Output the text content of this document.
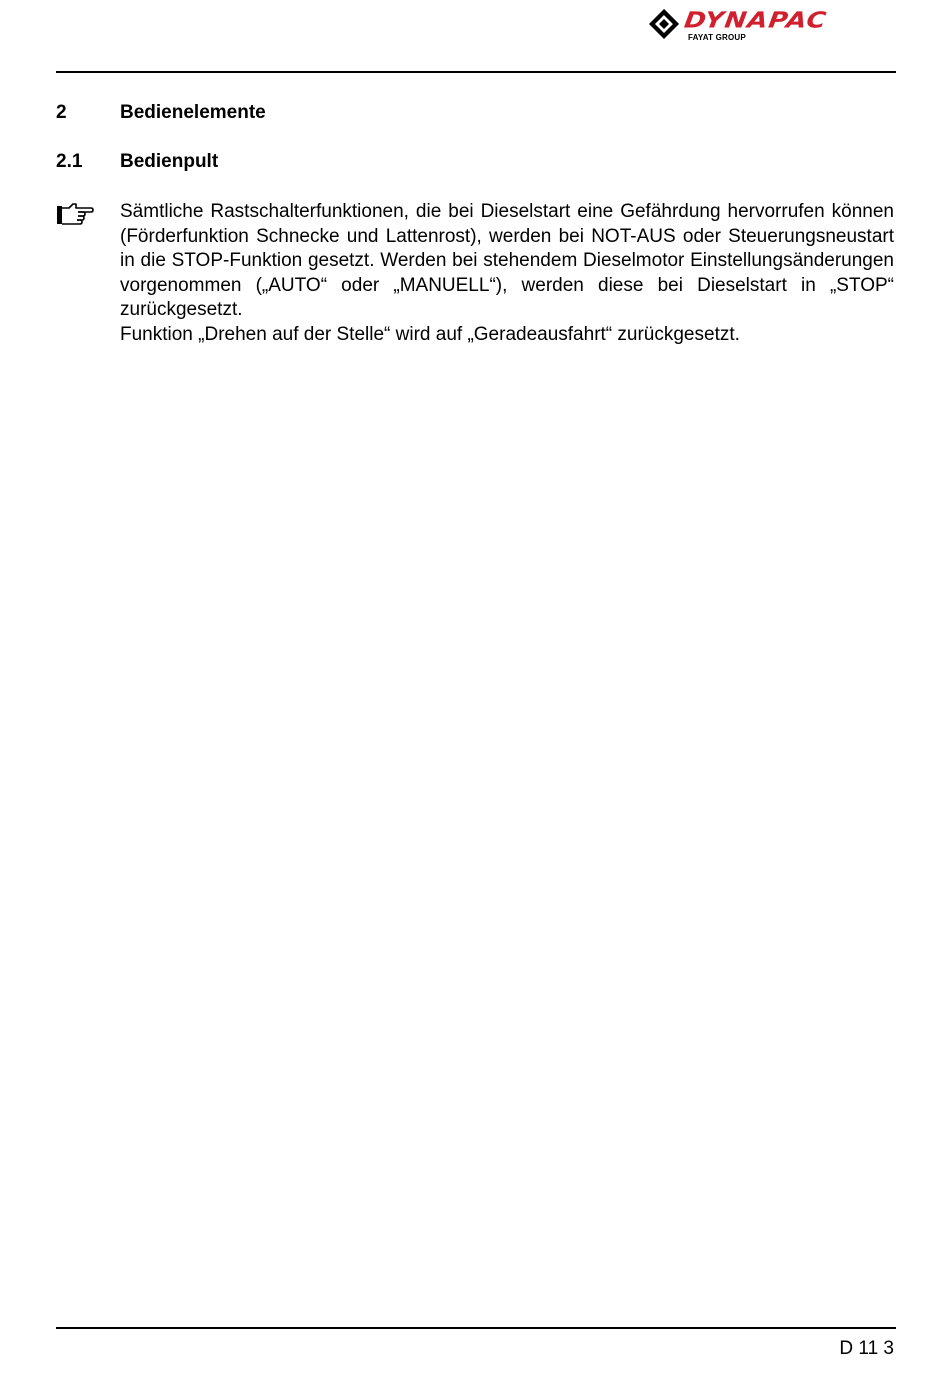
DYNAPAC
FAYAT GROUP
2	Bedienelemente
2.1 Bedienpult

Sämtliche Rastschalterfunktionen, die bei Dieselstart eine Gefährdung hervorrufen können (Förderfunktion Schnecke und Lattenrost), werden bei NOT-AUS oder Steuerungsneustart in die STOP-Funktion gesetzt. Werden bei stehendem Dieselmotor Einstellungsänderungen vorgenommen („AUTO“ oder „MANUELL“), werden diese bei Dieselstart in „STOP“ zurückgesetzt.

Funktion „Drehen auf der Stelle“ wird auf „Geradeausfahrt“ zurückgesetzt.

D 11 3
